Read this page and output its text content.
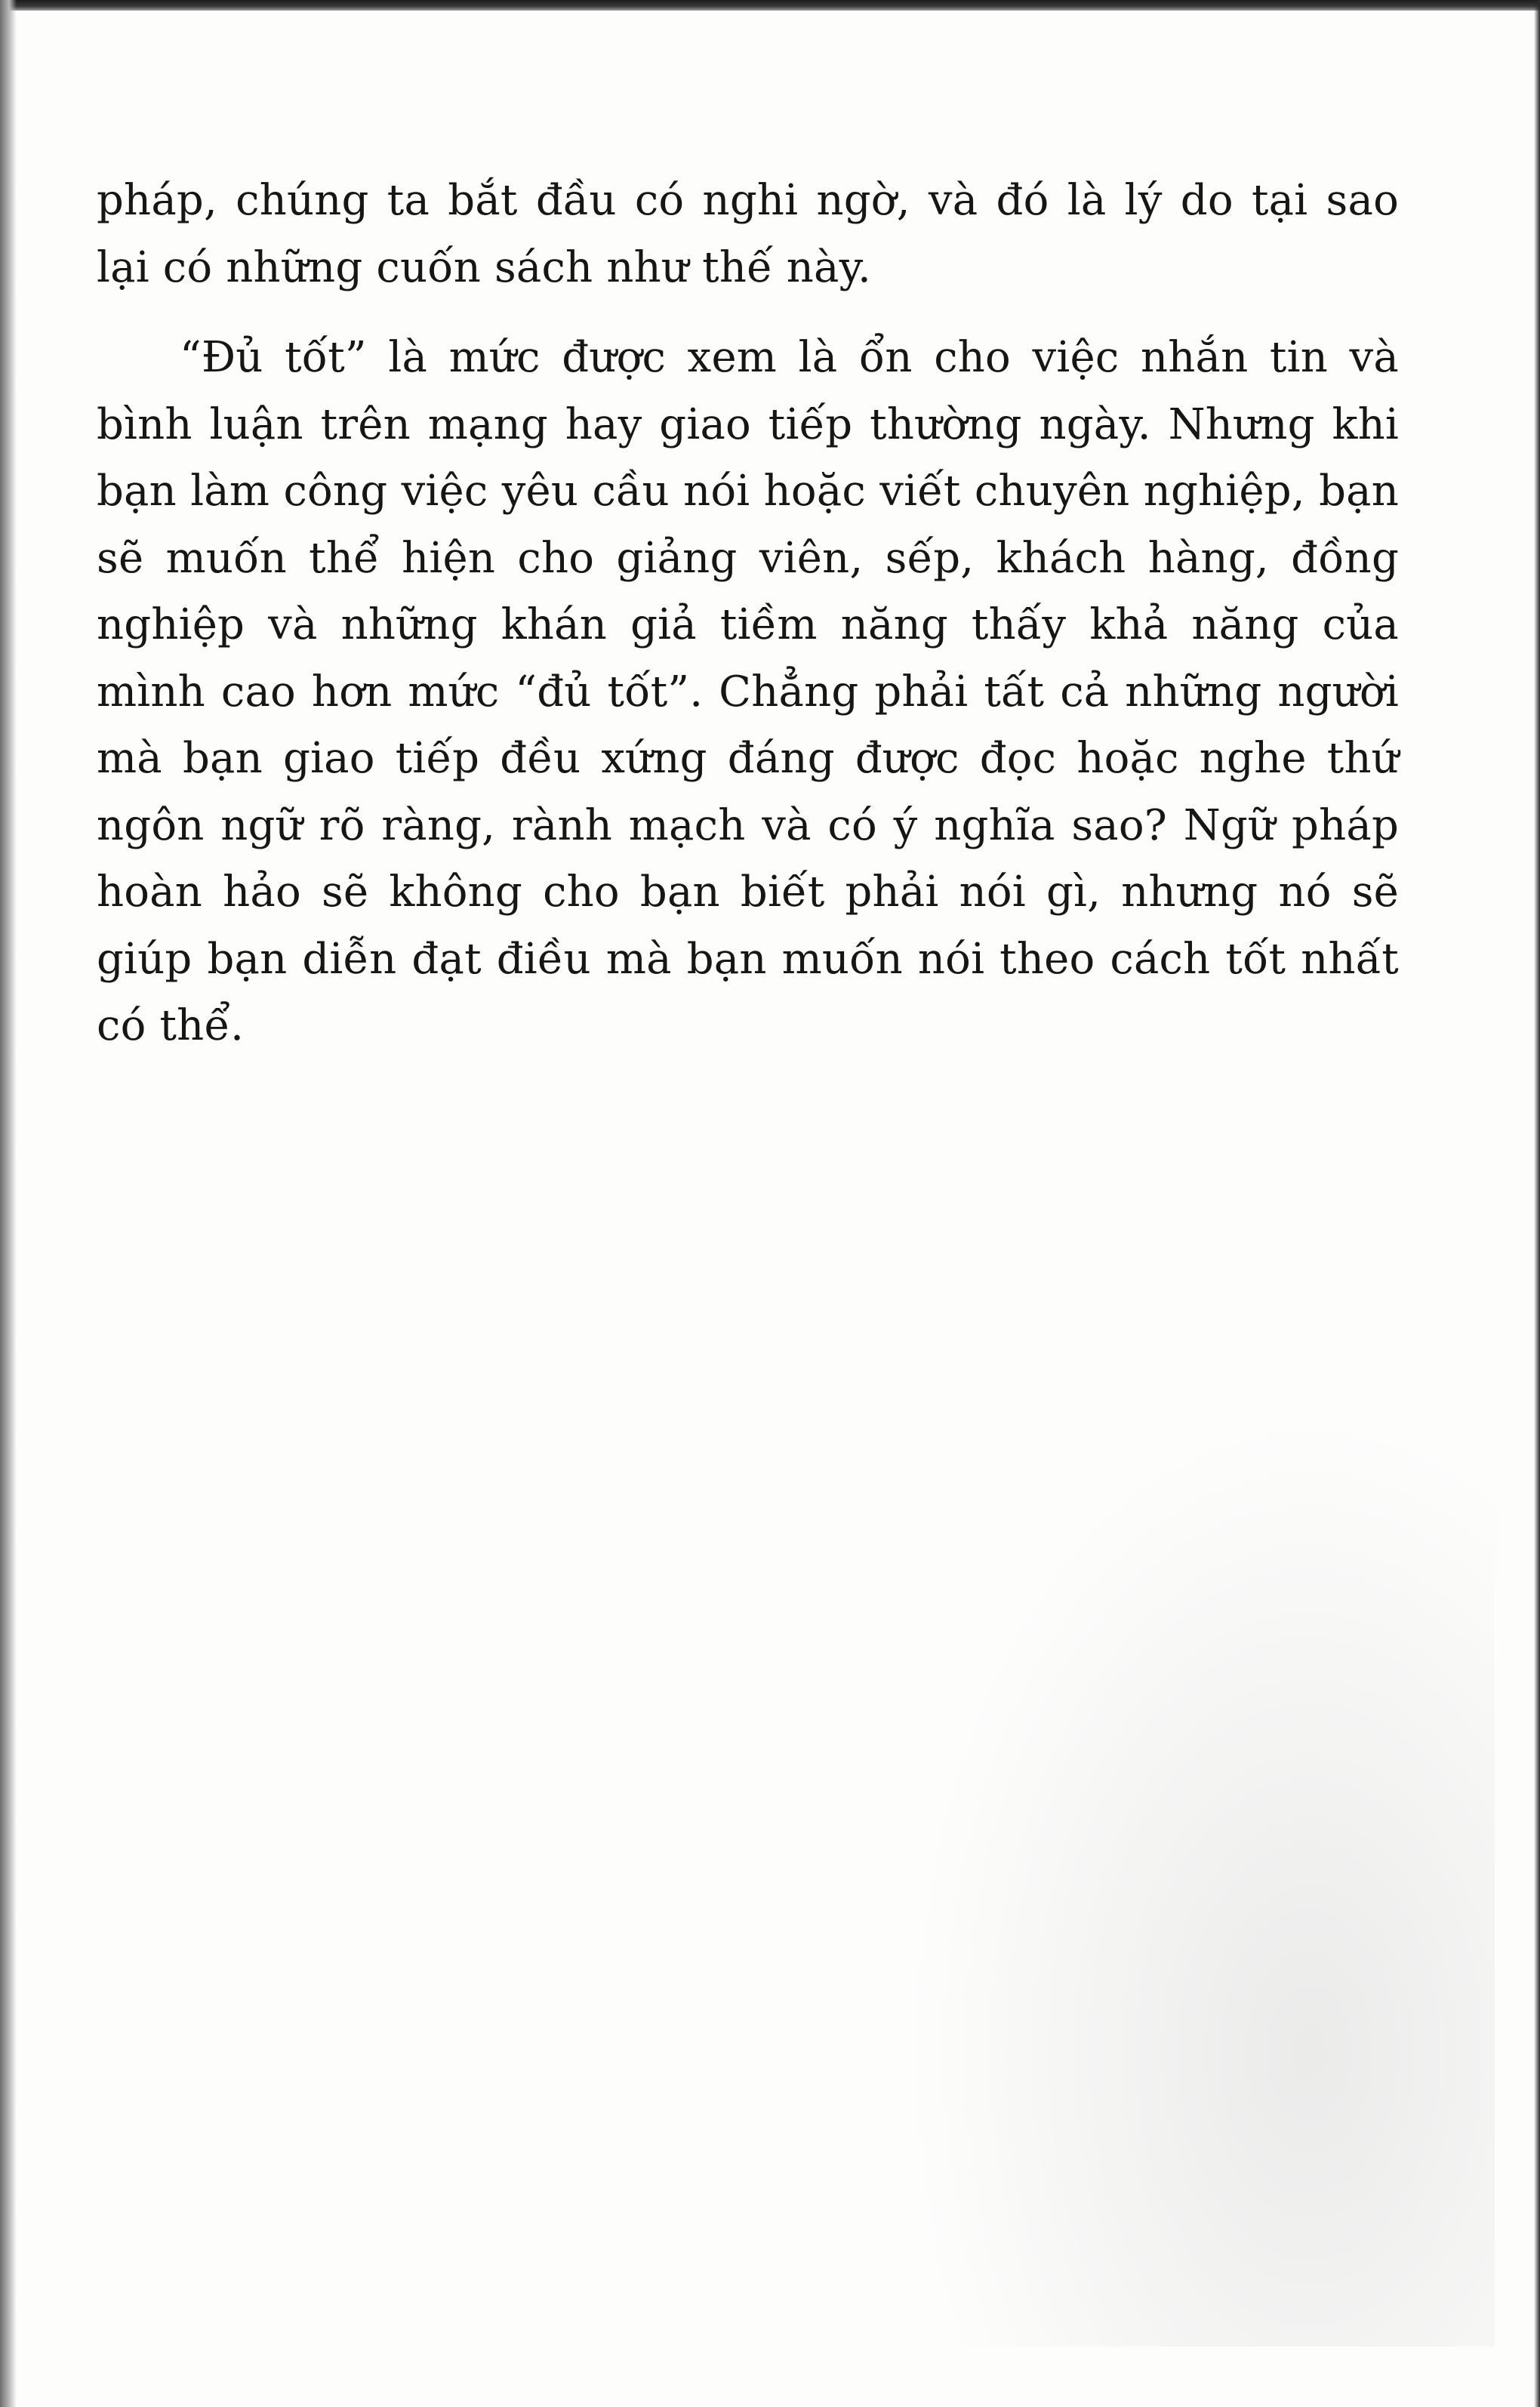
pháp, chúng ta bắt đầu có nghi ngờ, và đó là lý do tại sao lại có những cuốn sách như thế này.

“Đủ tốt” là mức được xem là ổn cho việc nhắn tin và bình luận trên mạng hay giao tiếp thường ngày. Nhưng khi bạn làm công việc yêu cầu nói hoặc viết chuyên nghiệp, bạn sẽ muốn thể hiện cho giảng viên, sếp, khách hàng, đồng nghiệp và những khán giả tiềm năng thấy khả năng của mình cao hơn mức “đủ tốt”. Chẳng phải tất cả những người mà bạn giao tiếp đều xứng đáng được đọc hoặc nghe thứ ngôn ngữ rõ ràng, rành mạch và có ý nghĩa sao? Ngữ pháp hoàn hảo sẽ không cho bạn biết phải nói gì, nhưng nó sẽ giúp bạn diễn đạt điều mà bạn muốn nói theo cách tốt nhất có thể.
